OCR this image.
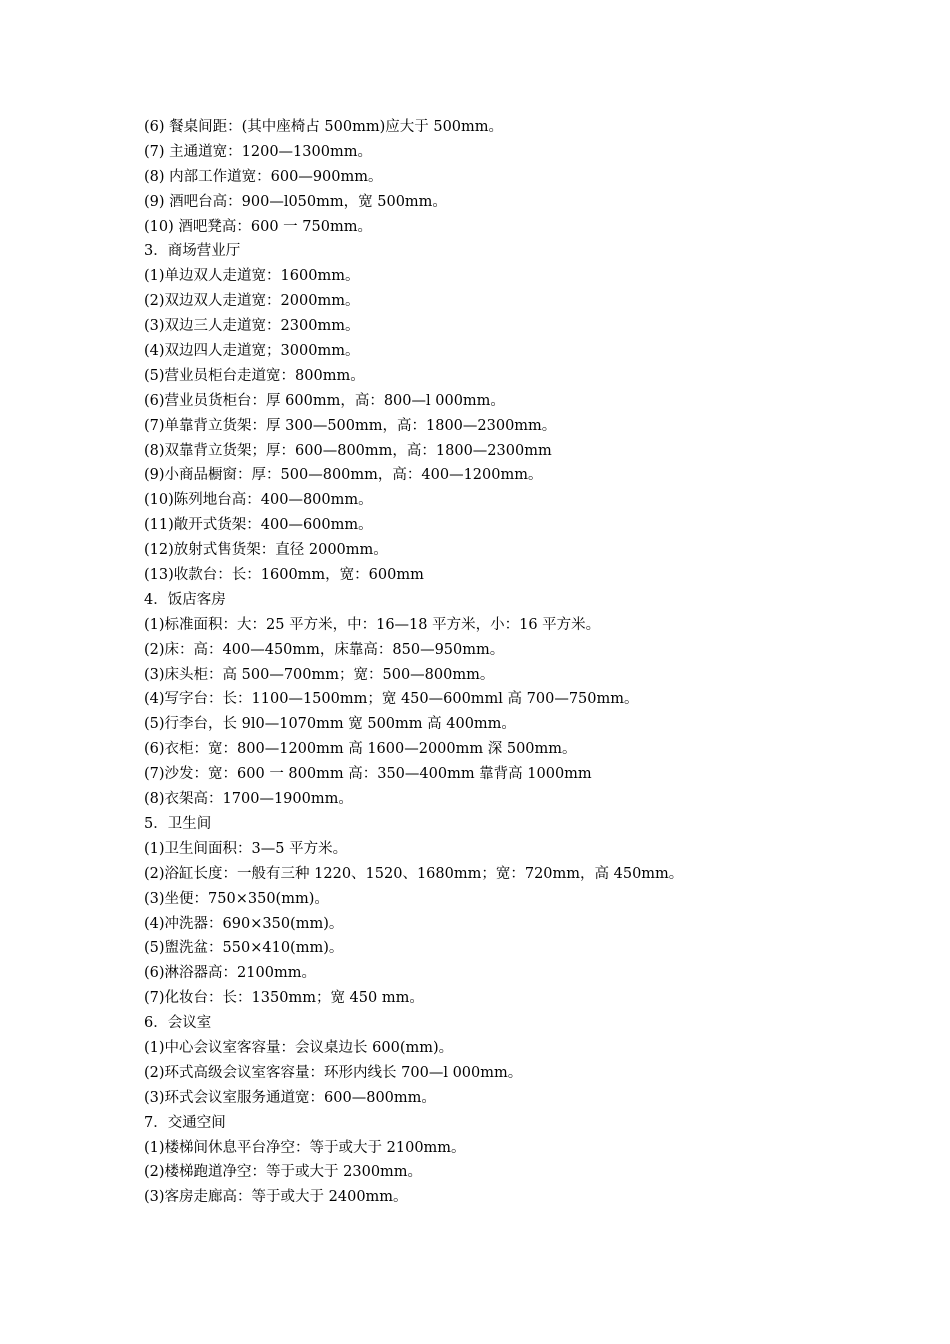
(6) 餐桌间距：(其中座椅占 500mm)应大于 500mm。
(7) 主通道宽：1200—1300mm。
(8) 内部工作道宽：600—900mm。
(9) 酒吧台高：900—l050mm，宽 500mm。
(10) 酒吧凳高：600 一 750mm。
3．商场营业厅
(1)单边双人走道宽：1600mm。
(2)双边双人走道宽：2000mm。
(3)双边三人走道宽：2300mm。
(4)双边四人走道宽；3000mm。
(5)营业员柜台走道宽：800mm。
(6)营业员货柜台：厚 600mm，高：800—l 000mm。
(7)单靠背立货架：厚 300—500mm，高：1800—2300mm。
(8)双靠背立货架；厚：600—800mm，高：1800—2300mm
(9)小商品橱窗：厚：500—800mm，高：400—1200mm。
(10)陈列地台高：400—800mm。
(11)敞开式货架：400—600mm。
(12)放射式售货架：直径 2000mm。
(13)收款台：长：1600mm，宽：600mm
4．饭店客房
(1)标准面积：大：25 平方米，中：16—18 平方米，小：16 平方米。
(2)床：高：400—450mm，床靠高：850—950mm。
(3)床头柜：高 500—700mm；宽：500—800mm。
(4)写字台：长：1100—1500mm；宽 450—600mml 高 700—750mm。
(5)行李台，长 9l0—1070mm 宽 500mm 高 400mm。
(6)衣柜：宽：800—1200mm 高 1600—2000mm 深 500mm。
(7)沙发：宽：600 一 800mm 高：350—400mm 靠背高 1000mm
(8)衣架高：1700—1900mm。
5．卫生间
(1)卫生间面积：3—5 平方米。
(2)浴缸长度：一般有三种 1220、1520、1680mm；宽：720mm，高 450mm。
(3)坐便：750×350(mm)。
(4)冲洗器：690×350(mm)。
(5)盥洗盆：550×410(mm)。
(6)淋浴器高：2100mm。
(7)化妆台：长：1350mm；宽 450 mm。
6．会议室
(1)中心会议室客容量：会议桌边长 600(mm)。
(2)环式高级会议室客容量：环形内线长 700—l 000mm。
(3)环式会议室服务通道宽：600—800mm。
7．交通空间
(1)楼梯间休息平台净空：等于或大于 2100mm。
(2)楼梯跑道净空：等于或大于 2300mm。
(3)客房走廊高：等于或大于 2400mm。
